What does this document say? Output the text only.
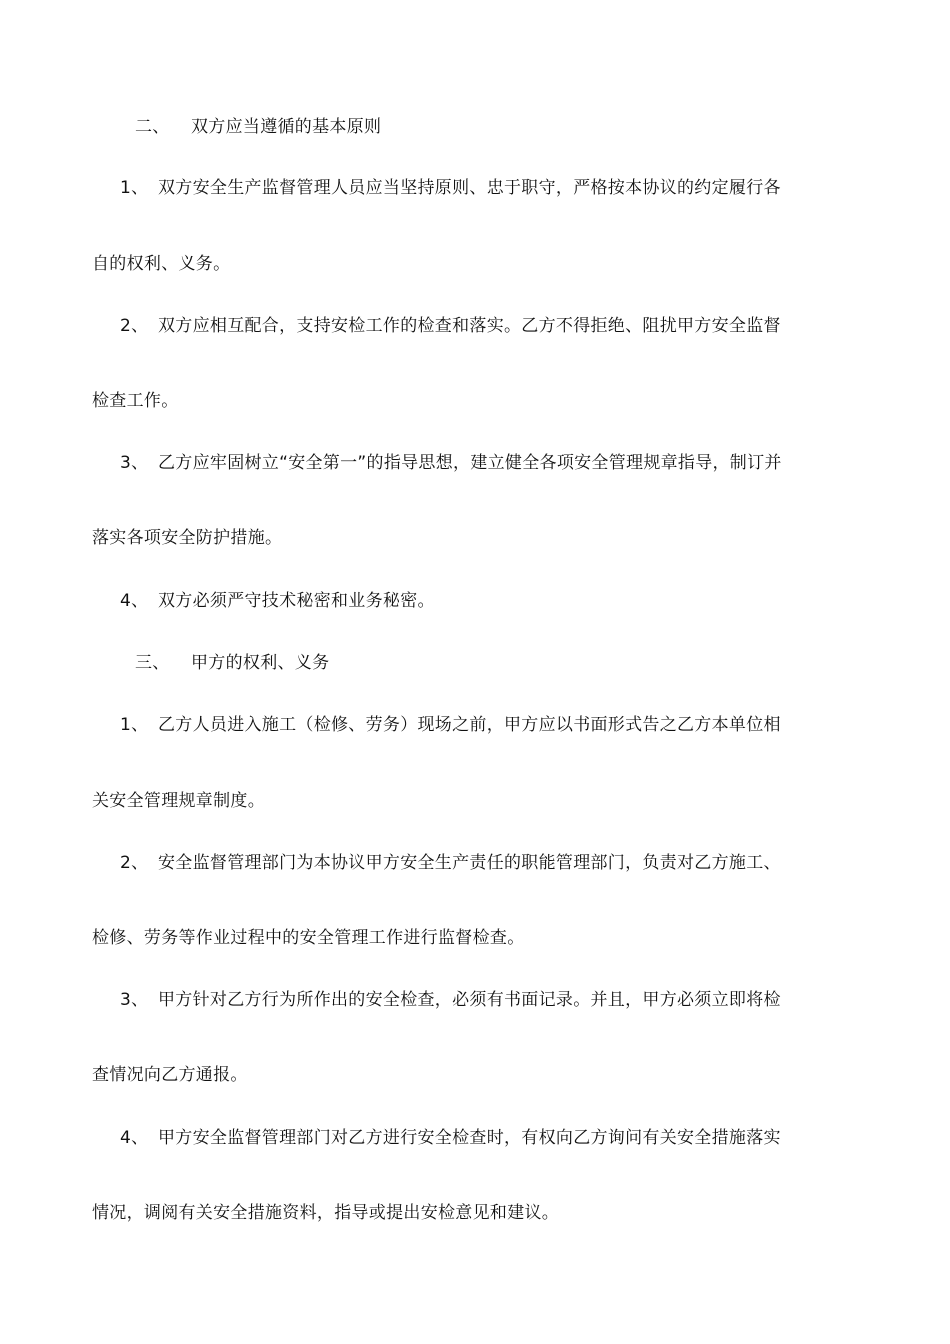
二、 双方应当遵循的基本原则
1、 双方安全生产监督管理人员应当坚持原则、忠于职守，严格按本协议的约定履行各
自的权利、义务。
2、 双方应相互配合，支持安检工作的检查和落实。乙方不得拒绝、阻扰甲方安全监督
检查工作。
3、 乙方应牢固树立“安全第一”的指导思想，建立健全各项安全管理规章指导，制订并
落实各项安全防护措施。
4、 双方必须严守技术秘密和业务秘密。
三、 甲方的权利、义务
1、 乙方人员进入施工（检修、劳务）现场之前，甲方应以书面形式告之乙方本单位相
关安全管理规章制度。
2、 安全监督管理部门为本协议甲方安全生产责任的职能管理部门，负责对乙方施工、
检修、劳务等作业过程中的安全管理工作进行监督检查。
3、 甲方针对乙方行为所作出的安全检查，必须有书面记录。并且，甲方必须立即将检
查情况向乙方通报。
4、 甲方安全监督管理部门对乙方进行安全检查时，有权向乙方询问有关安全措施落实
情况，调阅有关安全措施资料，指导或提出安检意见和建议。
